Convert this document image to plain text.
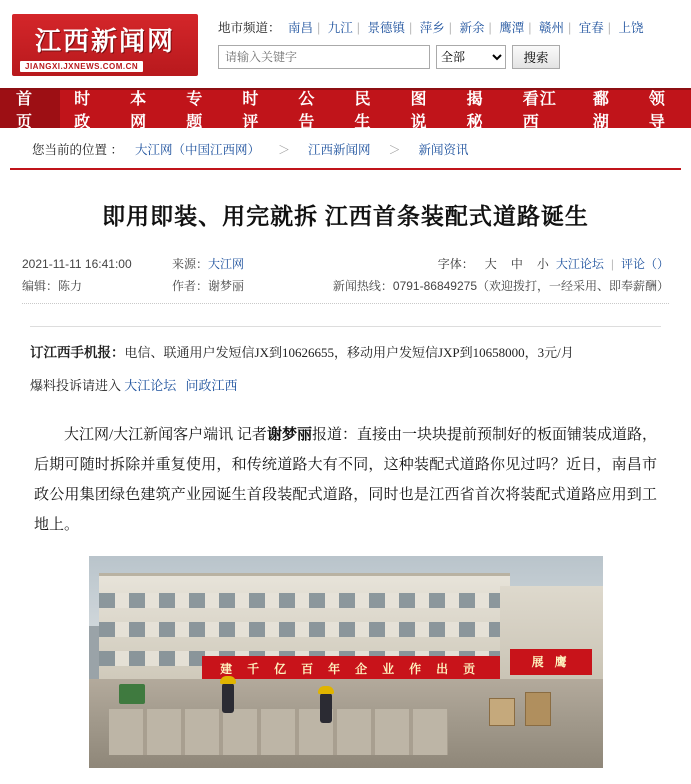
江西新闻网
JIANGXI.JXNEWS.COM.CN
地市频道： 南昌 | 九江 | 景德镇 | 萍乡 | 新余 | 鹰潭 | 赣州 | 宜春 | 上饶
请输入关键字
全部
搜索
首页
时政
本网
专题
时评
公告
民生
图说
揭秘
看江西
鄱湖
领导
您当前的位置 ： 大江网（中国江西网）	＞	江西新闻网	＞	新闻资讯
即用即装、用完就拆 江西首条装配式道路诞生
2021-11-11 16:41:00	来源：大江网	字体： 大	中	小 大江论坛 | 评论（）
编辑：陈力	作者：谢梦丽	新闻热线：0791-86849275（欢迎拨打，一经采用、即奉薪酬）
订江西手机报：电信、联通用户发短信JX到10626655，移动用户发短信JXP到10658000，3元/月
爆料投诉请进入 大江论坛 问政江西

大江网/大江新闻客户端讯 记者谢梦丽报道：直接由一块块提前预制好的板面铺装成道路，后期可随时拆除并重复使用，和传统道路大有不同，这种装配式道路你见过吗？近日，南昌市政公用集团绿色建筑产业园诞生首段装配式道路，同时也是江西省首次将装配式道路应用到工地上。

建 千 亿 百 年 企 业 作 出 贡	展 鹰
